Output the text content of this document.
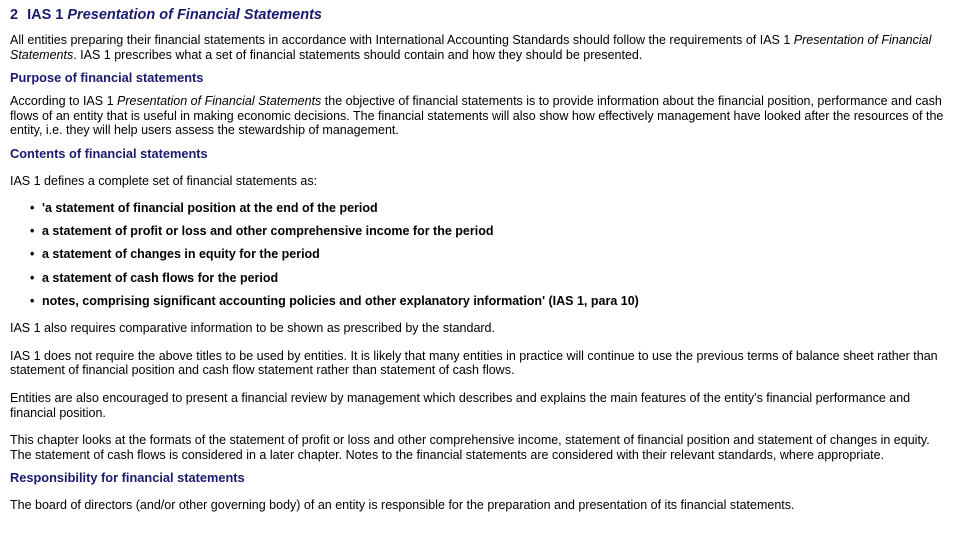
2 IAS 1 Presentation of Financial Statements

All entities preparing their financial statements in accordance with International Accounting Standards should follow the requirements of IAS 1 Presentation of Financial Statements. IAS 1 prescribes what a set of financial statements should contain and how they should be presented.

Purpose of financial statements

According to IAS 1 Presentation of Financial Statements the objective of financial statements is to provide information about the financial position, performance and cash flows of an entity that is useful in making economic decisions. The financial statements will also show how effectively management have looked after the resources of the entity, i.e. they will help users assess the stewardship of management.

Contents of financial statements

IAS 1 defines a complete set of financial statements as:

• 'a statement of financial position at the end of the period
• a statement of profit or loss and other comprehensive income for the period
• a statement of changes in equity for the period
• a statement of cash flows for the period
• notes, comprising significant accounting policies and other explanatory information' (IAS 1, para 10)

IAS 1 also requires comparative information to be shown as prescribed by the standard.

IAS 1 does not require the above titles to be used by entities. It is likely that many entities in practice will continue to use the previous terms of balance sheet rather than statement of financial position and cash flow statement rather than statement of cash flows.

Entities are also encouraged to present a financial review by management which describes and explains the main features of the entity's financial performance and financial position.

This chapter looks at the formats of the statement of profit or loss and other comprehensive income, statement of financial position and statement of changes in equity. The statement of cash flows is considered in a later chapter. Notes to the financial statements are considered with their relevant standards, where appropriate.

Responsibility for financial statements

The board of directors (and/or other governing body) of an entity is responsible for the preparation and presentation of its financial statements.
